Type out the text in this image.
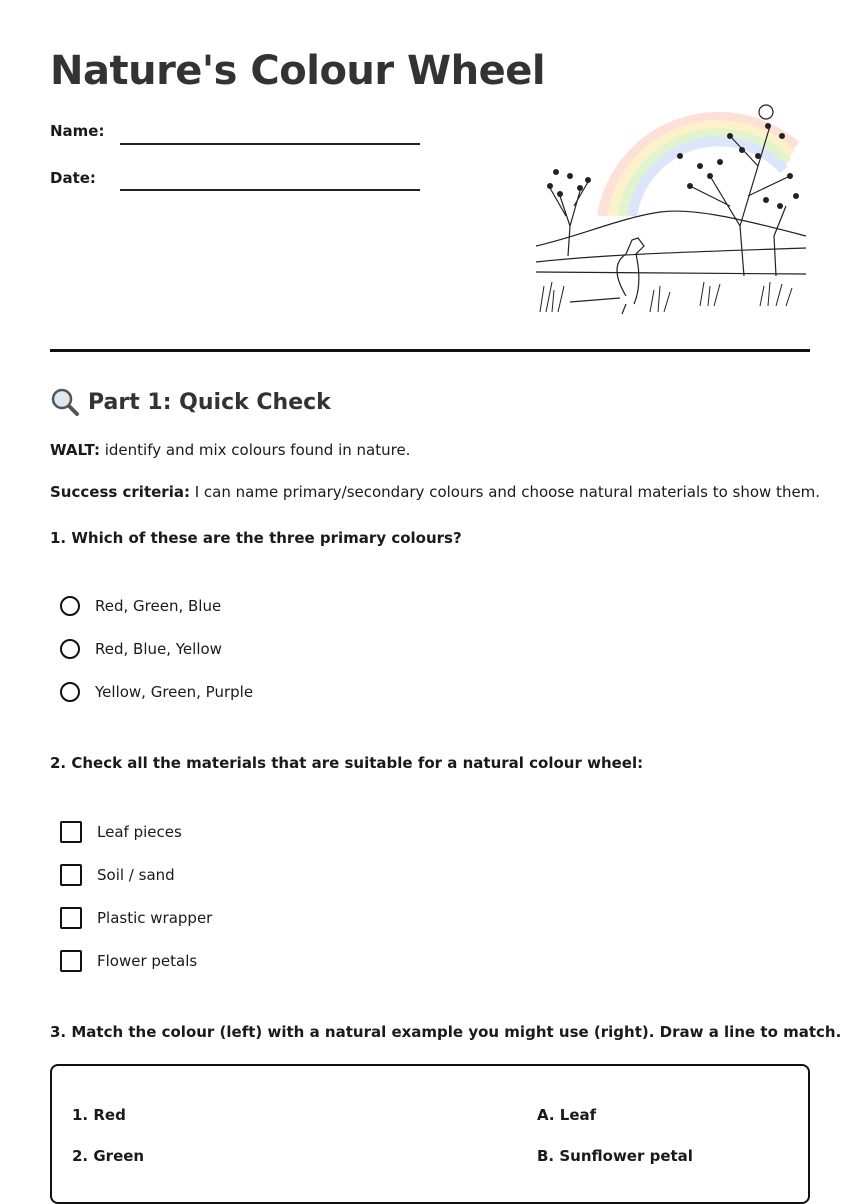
Nature's Colour Wheel
Name:
Date:
Part 1: Quick Check
WALT: identify and mix colours found in nature.
Success criteria: I can name primary/secondary colours and choose natural materials to show them.
1. Which of these are the three primary colours?
Red, Green, Blue
Red, Blue, Yellow
Yellow, Green, Purple
2. Check all the materials that are suitable for a natural colour wheel:
Leaf pieces
Soil / sand
Plastic wrapper
Flower petals
3. Match the colour (left) with a natural example you might use (right). Draw a line to match.
1. Red	A. Leaf
2. Green	B. Sunflower petal
